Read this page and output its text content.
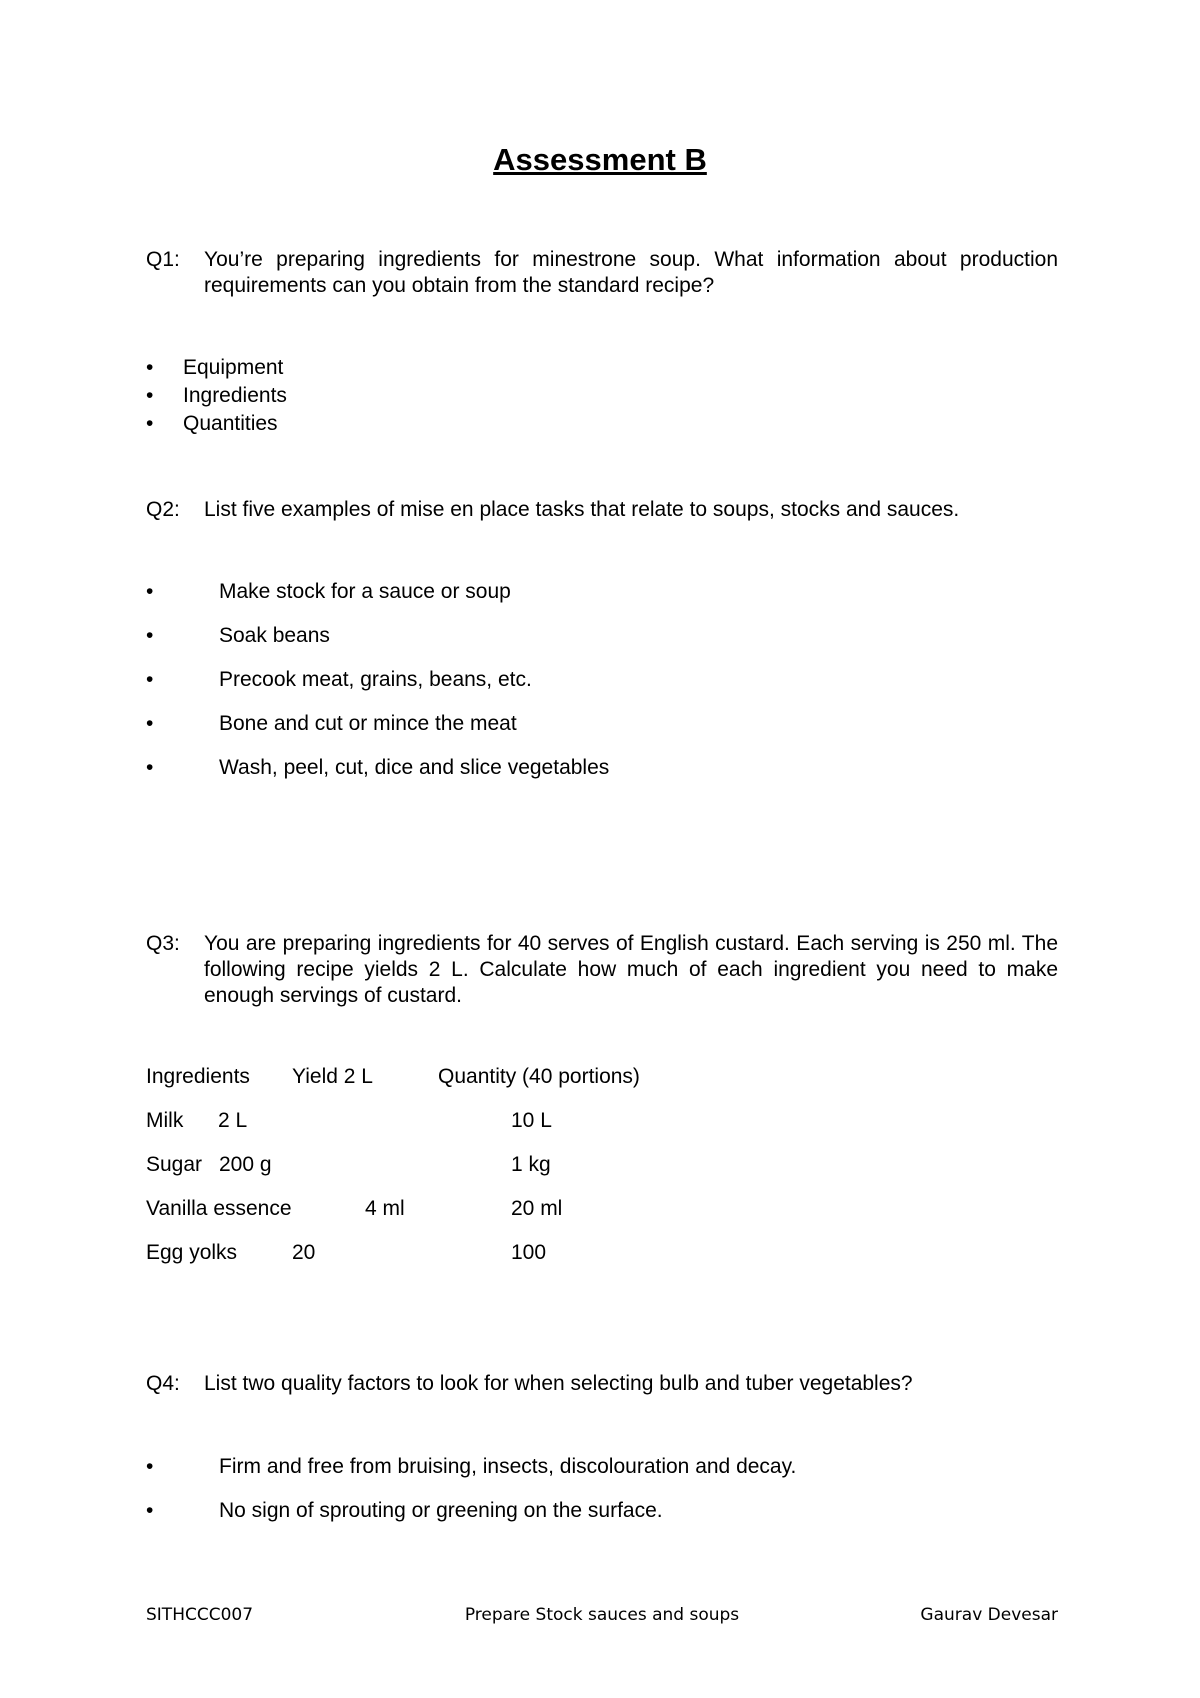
Assessment B
Q1: You’re preparing ingredients for minestrone soup. What information about production requirements can you obtain from the standard recipe?
• Equipment
• Ingredients
• Quantities
Q2: List five examples of mise en place tasks that relate to soups, stocks and sauces.
•	Make stock for a sauce or soup
•	Soak beans
•	Precook meat, grains, beans, etc.
•	Bone and cut or mince the meat
•	Wash, peel, cut, dice and slice vegetables
Q3: You are preparing ingredients for 40 serves of English custard. Each serving is 250 ml. The following recipe yields 2 L. Calculate how much of each ingredient you need to make enough servings of custard.
Ingredients Yield 2 L	Quantity (40 portions)
Milk 2 L	10 L
Sugar 200 g	1 kg
Vanilla essence	4 ml	20 ml
Egg yolks	20	100
Q4: List two quality factors to look for when selecting bulb and tuber vegetables?
•	Firm and free from bruising, insects, discolouration and decay.
•	No sign of sprouting or greening on the surface.
SITHCCC007	Prepare Stock sauces and soups	Gaurav Devesar
